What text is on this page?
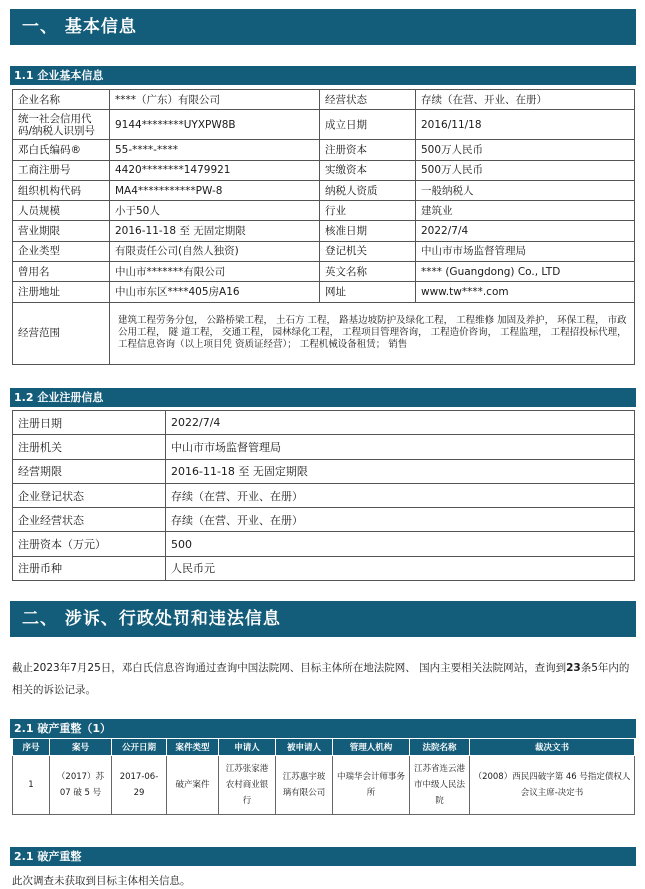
一、 基本信息
1.1 企业基本信息
企业名称	****（广东）有限公司	经营状态	存续（在营、开业、在册）
统一社会信用代码/纳税人识别号	9144********UYXPW8B	成立日期	2016/11/18
邓白氏编码®	55-****-****	注册资本	500万人民币
工商注册号	4420********1479921	实缴资本	500万人民币
组织机构代码	MA4***********PW-8	纳税人资质	一般纳税人
人员规模	小于50人	行业	建筑业
营业期限	2016-11-18 至 无固定期限	核准日期	2022/7/4
企业类型	有限责任公司(自然人独资)	登记机关	中山市市场监督管理局
曾用名	中山市*******有限公司	英文名称	**** (Guangdong) Co., LTD
注册地址	中山市东区****405房A16	网址	www.tw****.com
经营范围	建筑工程劳务分包， 公路桥梁工程， 土石方 工程， 路基边坡防护及绿化工程， 工程维修 加固及养护， 环保工程， 市政公用工程， 隧 道工程， 交通工程， 园林绿化工程， 工程项目管理咨询， 工程造价咨询， 工程监理， 工程招投标代理， 工程信息咨询（以上项目凭 资质证经营）； 工程机械设备租赁； 销售		
1.2 企业注册信息
注册日期	2022/7/4
注册机关	中山市市场监督管理局
经营期限	2016-11-18 至 无固定期限
企业登记状态	存续（在营、开业、在册）
企业经营状态	存续（在营、开业、在册）
注册资本（万元）	500
注册币种	人民币元
二、 涉诉、行政处罚和违法信息
截止2023年7月25日，邓白氏信息咨询通过查询中国法院网、目标主体所在地法院网、 国内主要相关法院网站，查询到23条5年内的相关的诉讼记录。
2.1 破产重整（1）
序号	案号	公开日期	案件类型	申请人	被申请人	管理人机构	法院名称	裁决文书
1	（2017）苏07 破 5 号	2017-06-29	破产案件	江苏张家港农村商业银行	江苏惠宇玻璃有限公司	中瑞华会计师事务所	江苏省连云港市中级人民法院	（2008）西民四破字第 46 号指定债权人会议主席-决定书
2.1 破产重整
此次调查未获取到目标主体相关信息。
